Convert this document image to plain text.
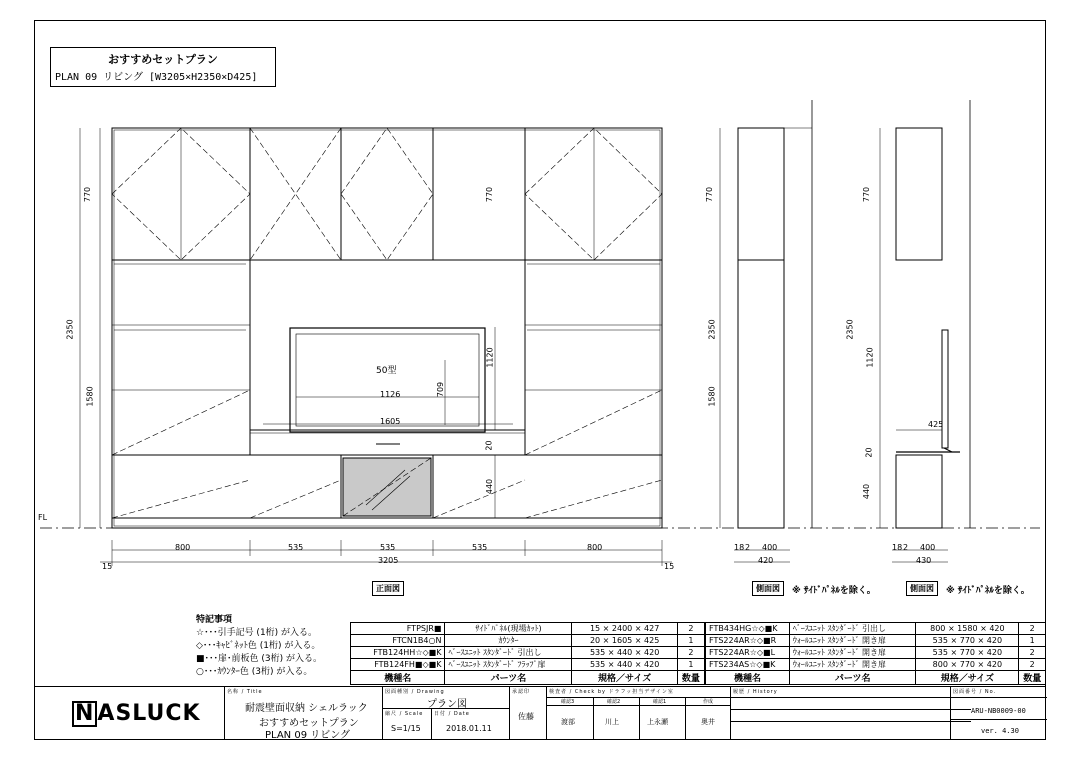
おすすめセットプラン
PLAN 09 リビング [W3205×H2350×D425]
770
2350
1580
770
1120
709
20
440
50型
1126
1605
FL
800	535	535	535	800
3205
15	15
正面図
770
2350
1580
18 2 400
420
側面図	※ ｻｲﾄﾞﾊﾟﾈﾙを除く。
770
2350
1120
425
20
440
18 2 400
430
側面図	※ ｻｲﾄﾞﾊﾟﾈﾙを除く。
特記事項
☆･･･引手記号 (1桁) が入る。
◇･･･ｷｬﾋﾞﾈｯﾄ色 (1桁) が入る。
■･･･扉･前板色 (3桁) が入る。
○･･･ｶｳﾝﾀｰ色 (3桁) が入る。
FTPSJR■	ｻｲﾄﾞﾊﾟﾈﾙ(現場ｶｯﾄ)	15 × 2400 × 427	2
FTCN1B4○N	ｶｳﾝﾀｰ	20 × 1605 × 425	1
FTB124HH☆◇■K	ﾍﾞｰｽﾕﾆｯﾄ ｽﾀﾝﾀﾞｰﾄﾞ 引出し	535 × 440 × 420	2
FTB124FH■◇■K	ﾍﾞｰｽﾕﾆｯﾄ ｽﾀﾝﾀﾞｰﾄﾞ ﾌﾗｯﾌﾟ扉	535 × 440 × 420	1
機種名	パーツ名	規格／サイズ	数量
FTB434HG☆◇■K	ﾍﾞｰｽﾕﾆｯﾄ ｽﾀﾝﾀﾞｰﾄﾞ 引出し	800 × 1580 × 420	2
FTS224AR☆◇■R	ｳｫｰﾙﾕﾆｯﾄ ｽﾀﾝﾀﾞｰﾄﾞ 開き扉	535 × 770 × 420	1
FTS224AR☆◇■L	ｳｫｰﾙﾕﾆｯﾄ ｽﾀﾝﾀﾞｰﾄﾞ 開き扉	535 × 770 × 420	2
FTS234AS☆◇■K	ｳｫｰﾙﾕﾆｯﾄ ｽﾀﾝﾀﾞｰﾄﾞ 開き扉	800 × 770 × 420	2
機種名	パーツ名	規格／サイズ	数量
名称 / Title
耐震壁面収納 シェルラック
おすすめセットプラン
PLAN 09 リビング
図面種別 / Drawing
プラン図
縮尺 / Scale
S=1/15
日付 / Date
2018.01.11
承認印
佐藤
検査者 / Check by ドラフッ担当デザイン室
確認3	確認2	確認1	作成
渡部	川上	上永瀬	奥井
履歴 / History	図面番号 / No.
ARU-NB0009-00
ver. 4.30
N ASLUCK
